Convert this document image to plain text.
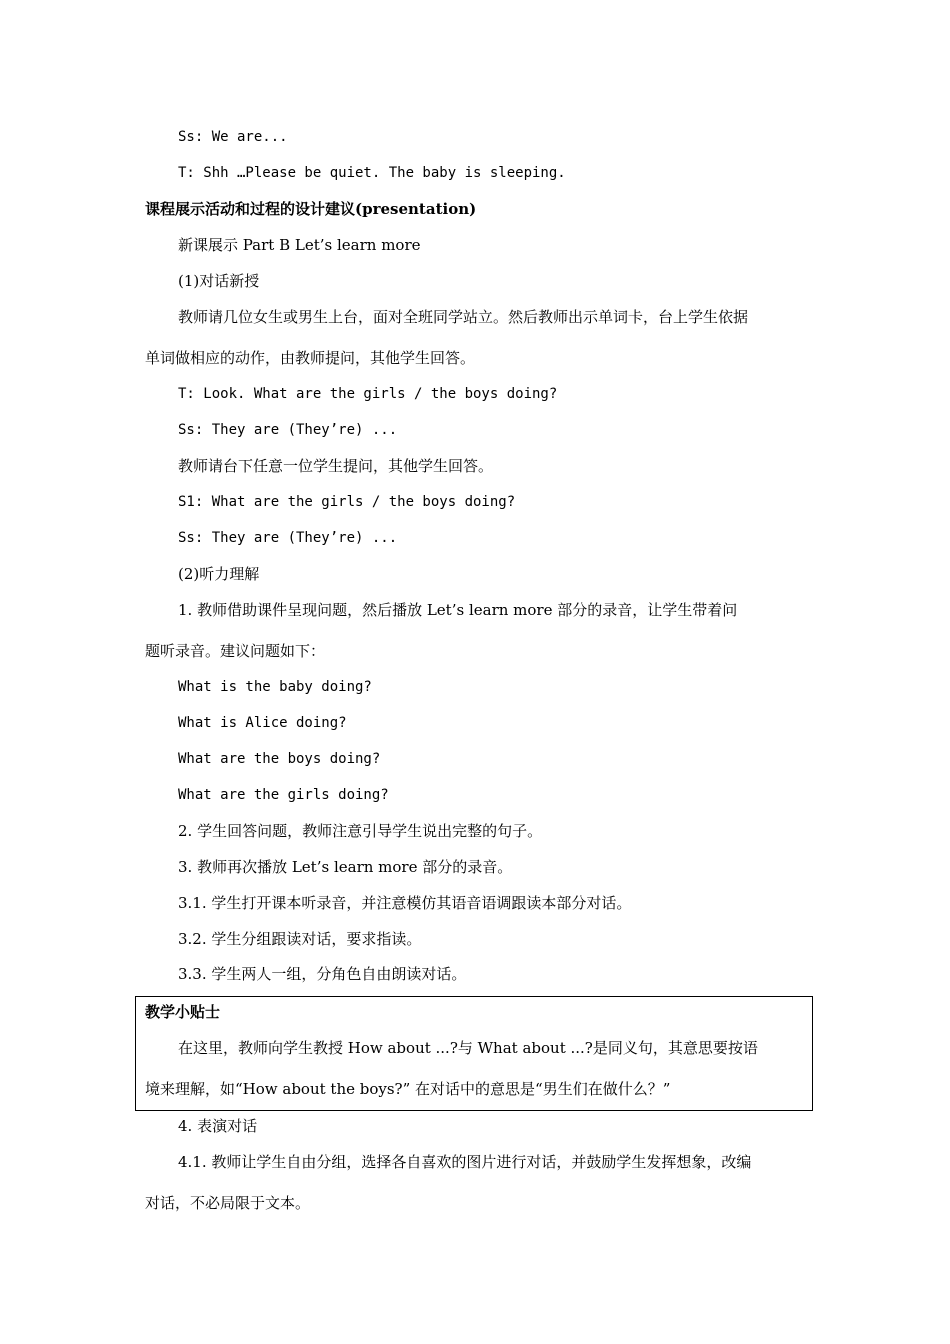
Ss: We are...
T: Shh …Please be quiet. The baby is sleeping.
课程展示活动和过程的设计建议(presentation)
新课展示 Part B Let’s learn more
(1)对话新授
教师请几位女生或男生上台，面对全班同学站立。然后教师出示单词卡，台上学生依据
单词做相应的动作，由教师提问，其他学生回答。
T: Look. What are the girls / the boys doing?
Ss: They are (They’re) ...
教师请台下任意一位学生提问，其他学生回答。
S1: What are the girls / the boys doing?
Ss: They are (They’re) ...
(2)听力理解
1. 教师借助课件呈现问题，然后播放 Let’s learn more 部分的录音，让学生带着问
题听录音。建议问题如下：
What is the baby doing?
What is Alice doing?
What are the boys doing?
What are the girls doing?
2. 学生回答问题，教师注意引导学生说出完整的句子。
3. 教师再次播放 Let’s learn more 部分的录音。
3.1. 学生打开课本听录音，并注意模仿其语音语调跟读本部分对话。
3.2. 学生分组跟读对话，要求指读。
3.3. 学生两人一组，分角色自由朗读对话。
教学小贴士
在这里，教师向学生教授 How about ...?与 What about ...?是同义句，其意思要按语
境来理解，如“How about the boys?” 在对话中的意思是“男生们在做什么？”
4. 表演对话
4.1. 教师让学生自由分组，选择各自喜欢的图片进行对话，并鼓励学生发挥想象，改编
对话，不必局限于文本。
